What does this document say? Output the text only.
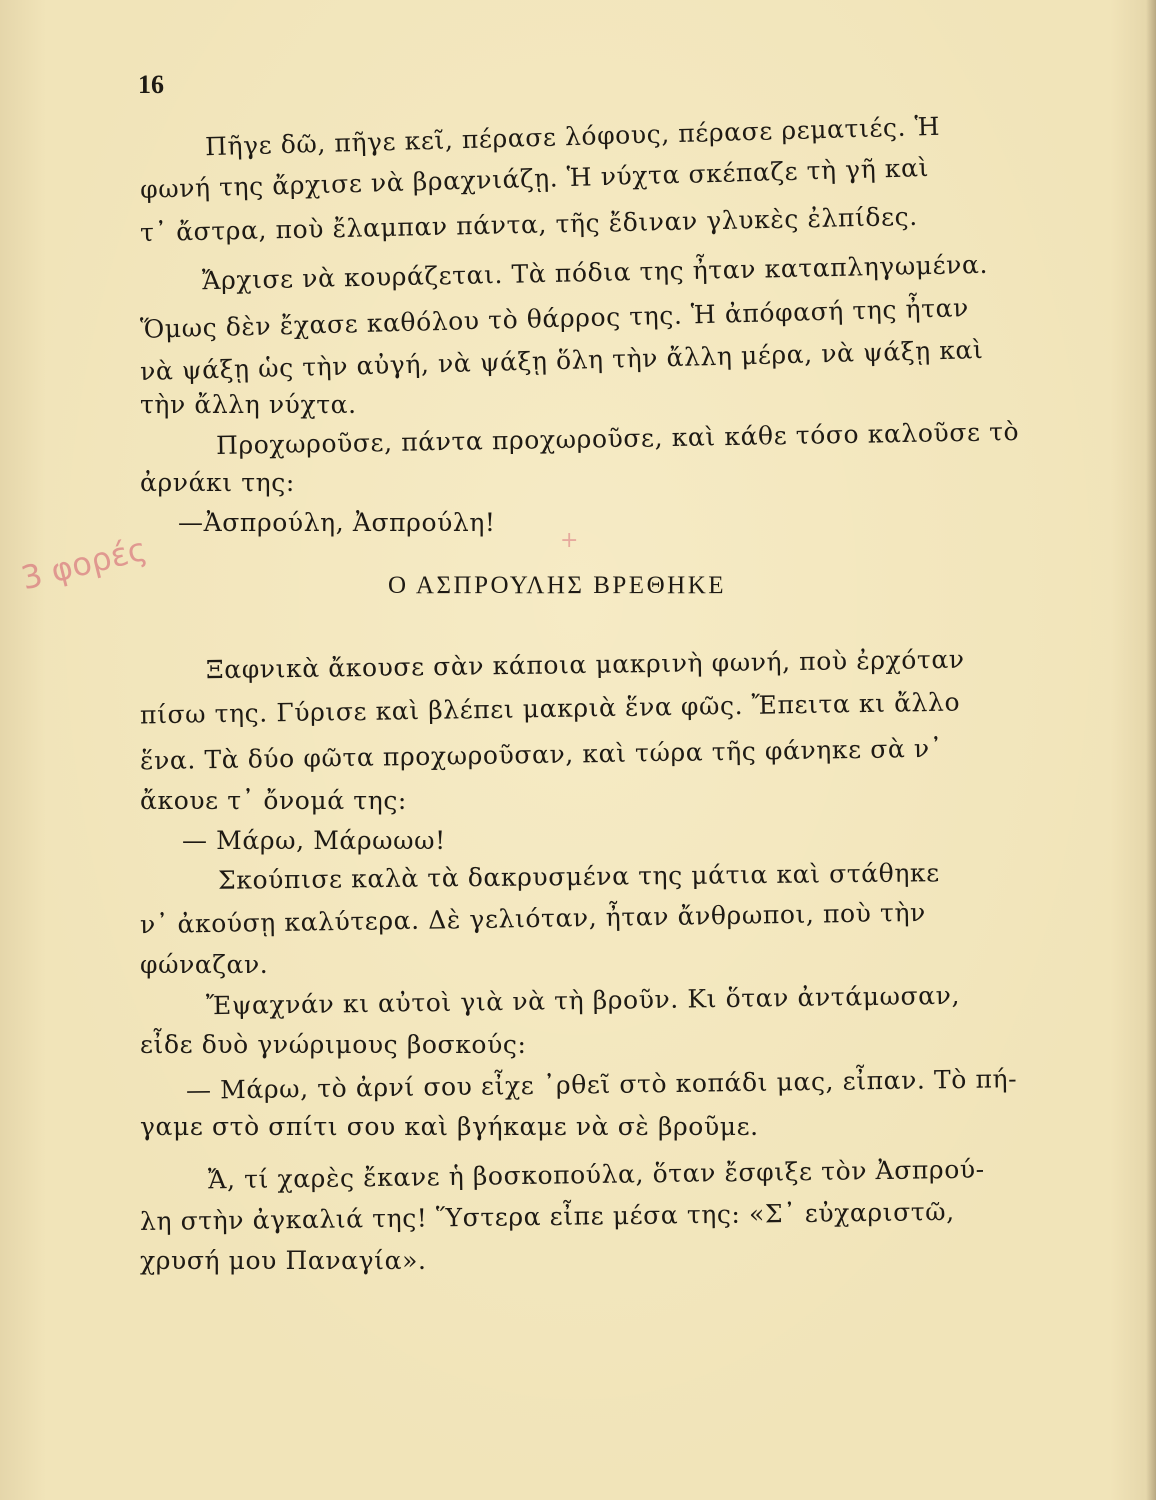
16
Πῆγε δῶ, πῆγε κεῖ, πέρασε λόφους, πέρασε ρεματιές. Ἡ
φωνή της ἄρχισε νὰ βραχνιάζῃ. Ἡ νύχτα σκέπαζε τὴ γῆ καὶ
τ᾽ ἄστρα, ποὺ ἔλαμπαν πάντα, τῆς ἔδιναν γλυκὲς ἐλπίδες.
Ἄρχισε νὰ κουράζεται. Τὰ πόδια της ἦταν καταπληγωμένα.
Ὅμως δὲν ἔχασε καθόλου τὸ θάρρος της. Ἡ ἀπόφασή της ἦταν
νὰ ψάξῃ ὡς τὴν αὐγή, νὰ ψάξῃ ὅλη τὴν ἄλλη μέρα, νὰ ψάξῃ καὶ
τὴν ἄλλη νύχτα.
Προχωροῦσε, πάντα προχωροῦσε, καὶ κάθε τόσο καλοῦσε τὸ
ἀρνάκι της:
—Ἀσπρούλη, Ἀσπρούλη!
+
3 φορές	Ο ΑΣΠΡΟΥΛΗΣ ΒΡΕΘΗΚΕ
Ξαφνικὰ ἄκουσε σὰν κάποια μακρινὴ φωνή, ποὺ ἐρχόταν
πίσω της. Γύρισε καὶ βλέπει μακριὰ ἕνα φῶς. Ἔπειτα κι ἄλλο
ἕνα. Τὰ δύο φῶτα προχωροῦσαν, καὶ τώρα τῆς φάνηκε σὰ ν᾽
ἄκουε τ᾽ ὄνομά της:
— Μάρω, Μάρωωω!
Σκούπισε καλὰ τὰ δακρυσμένα της μάτια καὶ στάθηκε
ν᾽ ἀκούσῃ καλύτερα. Δὲ γελιόταν, ἦταν ἄνθρωποι, ποὺ τὴν
φώναζαν.
Ἔψαχνάν κι αὐτοὶ γιὰ νὰ τὴ βροῦν. Κι ὅταν ἀντάμωσαν,
εἶδε δυὸ γνώριμους βοσκούς:
— Μάρω, τὸ ἀρνί σου εἶχε ᾽ρθεῖ στὸ κοπάδι μας, εἶπαν. Τὸ πή-
γαμε στὸ σπίτι σου καὶ βγήκαμε νὰ σὲ βροῦμε.
Ἄ, τί χαρὲς ἔκανε ἡ βοσκοπούλα, ὅταν ἔσφιξε τὸν Ἀσπρού-
λη στὴν ἀγκαλιά της! Ὕστερα εἶπε μέσα της: «Σ᾽ εὐχαριστῶ,
χρυσή μου Παναγία».
